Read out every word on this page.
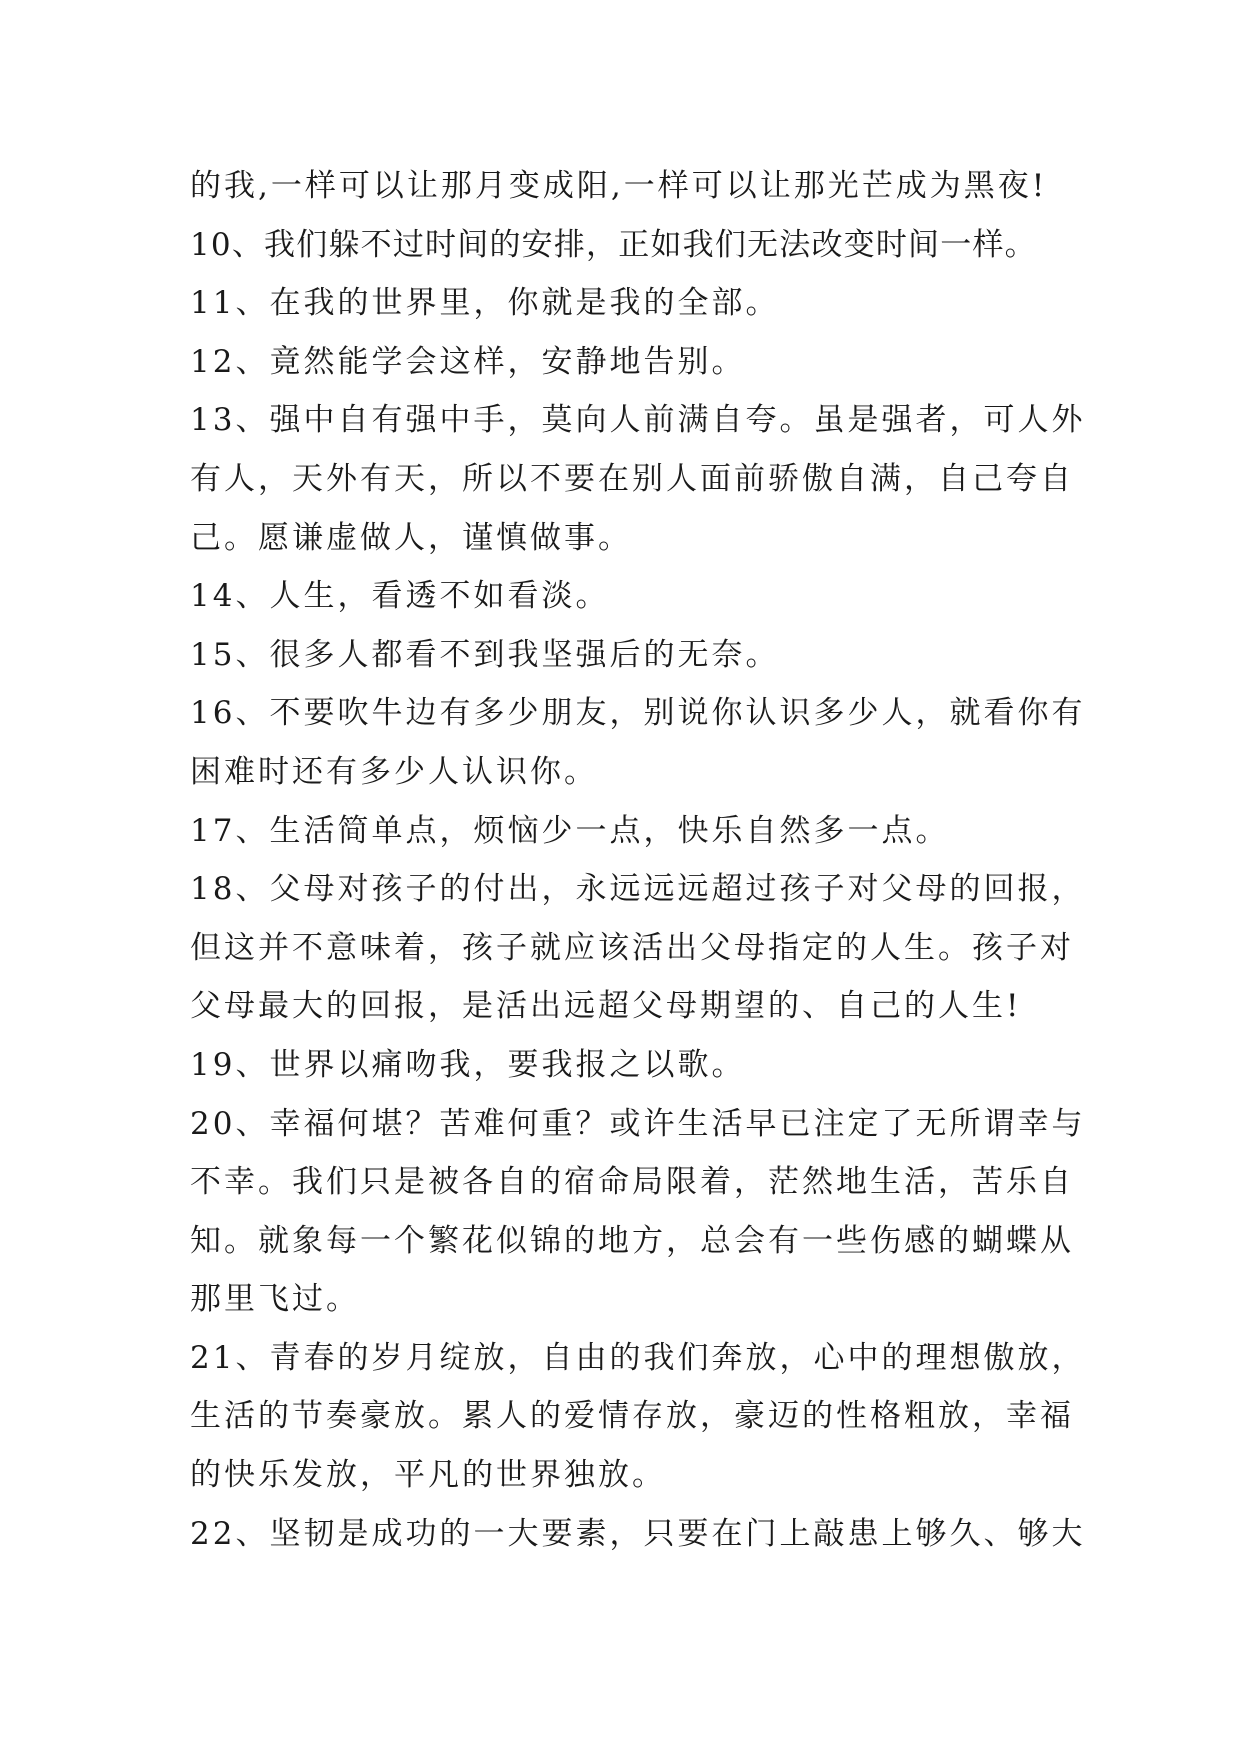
的我,一样可以让那月变成阳,一样可以让那光芒成为黑夜!
10、我们躲不过时间的安排，正如我们无法改变时间一样。
11、在我的世界里，你就是我的全部。
12、竟然能学会这样，安静地告别。
13、强中自有强中手，莫向人前满自夸。虽是强者，可人外
有人，天外有天，所以不要在别人面前骄傲自满，自己夸自
己。愿谦虚做人，谨慎做事。
14、人生，看透不如看淡。
15、很多人都看不到我坚强后的无奈。
16、不要吹牛边有多少朋友，别说你认识多少人，就看你有
困难时还有多少人认识你。
17、生活简单点，烦恼少一点，快乐自然多一点。
18、父母对孩子的付出，永远远远超过孩子对父母的回报，
但这并不意味着，孩子就应该活出父母指定的人生。孩子对
父母最大的回报，是活出远超父母期望的、自己的人生!
19、世界以痛吻我，要我报之以歌。
20、幸福何堪？苦难何重？或许生活早已注定了无所谓幸与
不幸。我们只是被各自的宿命局限着，茫然地生活，苦乐自
知。就象每一个繁花似锦的地方，总会有一些伤感的蝴蝶从
那里飞过。
21、青春的岁月绽放，自由的我们奔放，心中的理想傲放，
生活的节奏豪放。累人的爱情存放，豪迈的性格粗放，幸福
的快乐发放，平凡的世界独放。
22、坚韧是成功的一大要素，只要在门上敲患上够久、够大
